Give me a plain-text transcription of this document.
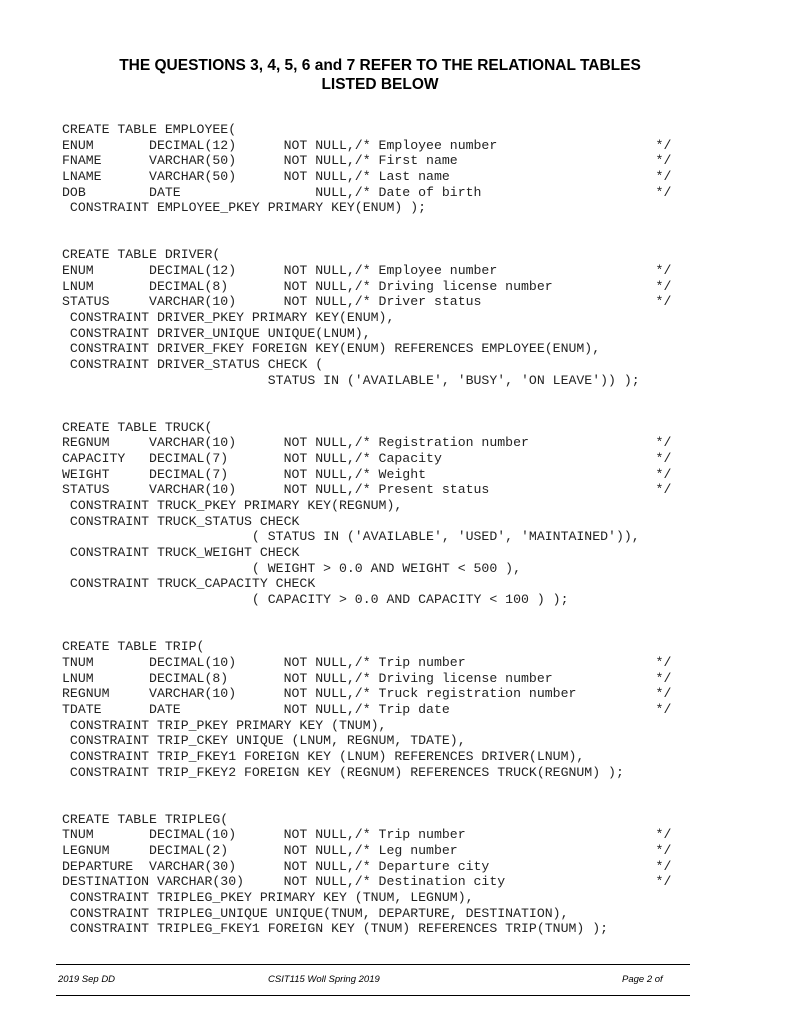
THE QUESTIONS 3, 4, 5, 6 and 7 REFER TO THE RELATIONAL TABLES
LISTED BELOW
CREATE TABLE EMPLOYEE(
ENUM       DECIMAL(12)      NOT NULL,/* Employee number                    */
FNAME      VARCHAR(50)      NOT NULL,/* First name                         */
LNAME      VARCHAR(50)      NOT NULL,/* Last name                          */
DOB        DATE                 NULL,/* Date of birth                      */
CONSTRAINT EMPLOYEE_PKEY PRIMARY KEY(ENUM) );
CREATE TABLE DRIVER(
ENUM       DECIMAL(12)      NOT NULL,/* Employee number                    */
LNUM       DECIMAL(8)       NOT NULL,/* Driving license number             */
STATUS     VARCHAR(10)      NOT NULL,/* Driver status                      */
CONSTRAINT DRIVER_PKEY PRIMARY KEY(ENUM),
CONSTRAINT DRIVER_UNIQUE UNIQUE(LNUM),
CONSTRAINT DRIVER_FKEY FOREIGN KEY(ENUM) REFERENCES EMPLOYEE(ENUM),
CONSTRAINT DRIVER_STATUS CHECK (
STATUS IN ('AVAILABLE', 'BUSY', 'ON LEAVE')) );
CREATE TABLE TRUCK(
REGNUM     VARCHAR(10)      NOT NULL,/* Registration number                */
CAPACITY   DECIMAL(7)       NOT NULL,/* Capacity                           */
WEIGHT     DECIMAL(7)       NOT NULL,/* Weight                             */
STATUS     VARCHAR(10)      NOT NULL,/* Present status                     */
CONSTRAINT TRUCK_PKEY PRIMARY KEY(REGNUM),
CONSTRAINT TRUCK_STATUS CHECK
( STATUS IN ('AVAILABLE', 'USED', 'MAINTAINED')),
CONSTRAINT TRUCK_WEIGHT CHECK
( WEIGHT > 0.0 AND WEIGHT < 500 ),
CONSTRAINT TRUCK_CAPACITY CHECK
( CAPACITY > 0.0 AND CAPACITY < 100 ) );
CREATE TABLE TRIP(
TNUM       DECIMAL(10)      NOT NULL,/* Trip number                        */
LNUM       DECIMAL(8)       NOT NULL,/* Driving license number             */
REGNUM     VARCHAR(10)      NOT NULL,/* Truck registration number          */
TDATE      DATE             NOT NULL,/* Trip date                          */
CONSTRAINT TRIP_PKEY PRIMARY KEY (TNUM),
CONSTRAINT TRIP_CKEY UNIQUE (LNUM, REGNUM, TDATE),
CONSTRAINT TRIP_FKEY1 FOREIGN KEY (LNUM) REFERENCES DRIVER(LNUM),
CONSTRAINT TRIP_FKEY2 FOREIGN KEY (REGNUM) REFERENCES TRUCK(REGNUM) );
CREATE TABLE TRIPLEG(
TNUM       DECIMAL(10)      NOT NULL,/* Trip number                        */
LEGNUM     DECIMAL(2)       NOT NULL,/* Leg number                         */
DEPARTURE  VARCHAR(30)      NOT NULL,/* Departure city                     */
DESTINATION VARCHAR(30)     NOT NULL,/* Destination city                   */
CONSTRAINT TRIPLEG_PKEY PRIMARY KEY (TNUM, LEGNUM),
CONSTRAINT TRIPLEG_UNIQUE UNIQUE(TNUM, DEPARTURE, DESTINATION),
CONSTRAINT TRIPLEG_FKEY1 FOREIGN KEY (TNUM) REFERENCES TRIP(TNUM) );
2019 Sep DD	CSIT115 Woll Spring 2019	Page 2 of
